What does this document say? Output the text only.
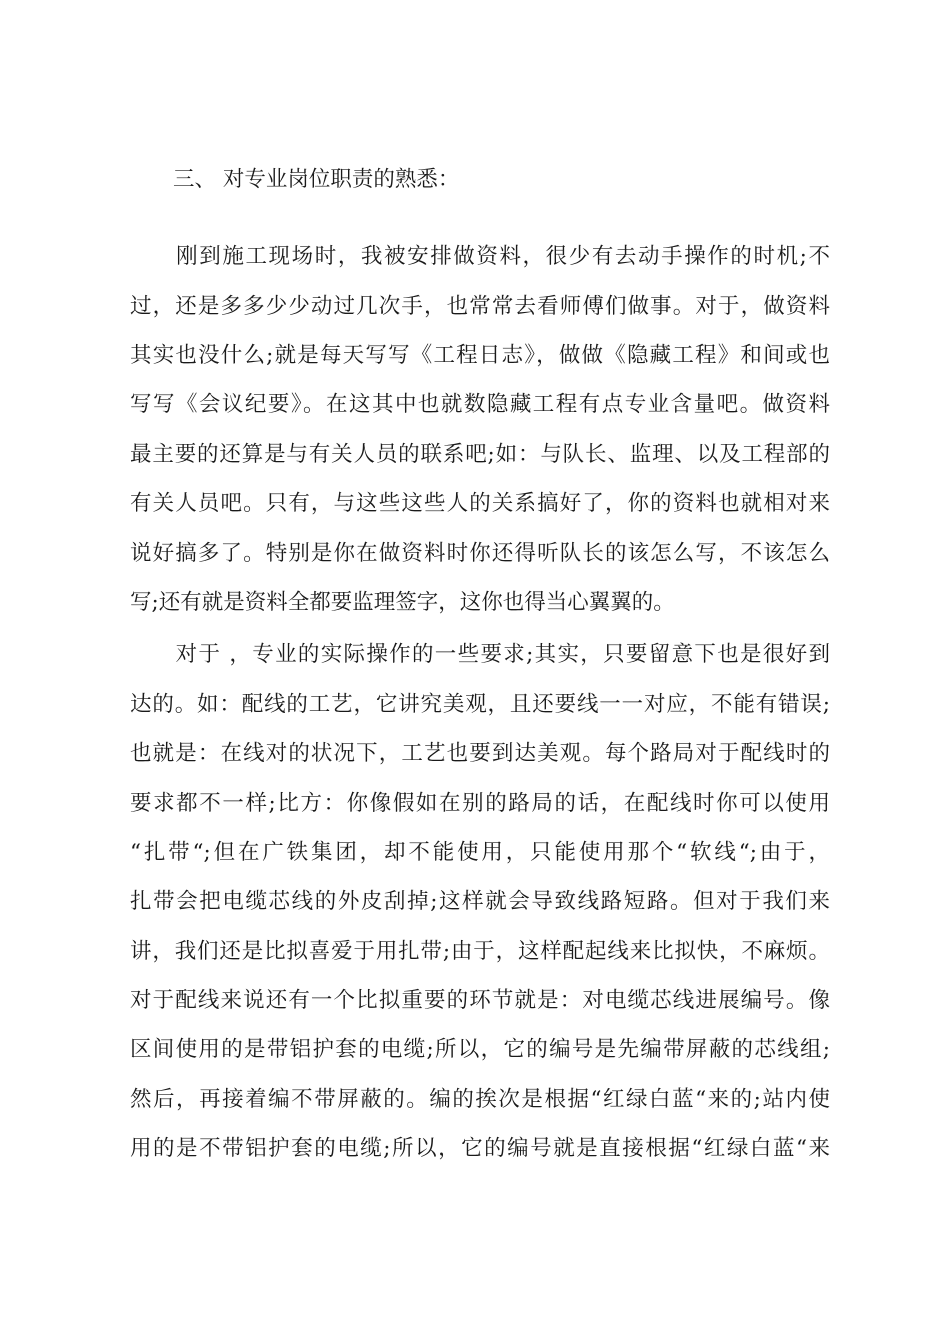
三、 对专业岗位职责的熟悉：
　　刚到施工现场时，我被安排做资料，很少有去动手操作的时机;不
过，还是多多少少动过几次手，也常常去看师傅们做事。对于，做资料
其实也没什么;就是每天写写《工程日志》，做做《隐藏工程》和间或也
写写《会议纪要》。在这其中也就数隐藏工程有点专业含量吧。做资料
最主要的还算是与有关人员的联系吧;如：与队长、监理、以及工程部的
有关人员吧。只有，与这些这些人的关系搞好了，你的资料也就相对来
说好搞多了。特别是你在做资料时你还得听队长的该怎么写，不该怎么
写;还有就是资料全都要监理签字，这你也得当心翼翼的。
　　对于 ，专业的实际操作的一些要求;其实，只要留意下也是很好到
达的。如：配线的工艺，它讲究美观，且还要线一一对应，不能有错误;
也就是：在线对的状况下，工艺也要到达美观。每个路局对于配线时的
要求都不一样;比方：你像假如在别的路局的话，在配线时你可以使用
“扎带“;但在广铁集团，却不能使用，只能使用那个“软线“;由于，
扎带会把电缆芯线的外皮刮掉;这样就会导致线路短路。但对于我们来
讲，我们还是比拟喜爱于用扎带;由于，这样配起线来比拟快，不麻烦。
对于配线来说还有一个比拟重要的环节就是：对电缆芯线进展编号。像
区间使用的是带铝护套的电缆;所以，它的编号是先编带屏蔽的芯线组;
然后，再接着编不带屏蔽的。编的挨次是根据“红绿白蓝“来的;站内使
用的是不带铝护套的电缆;所以，它的编号就是直接根据“红绿白蓝“来
